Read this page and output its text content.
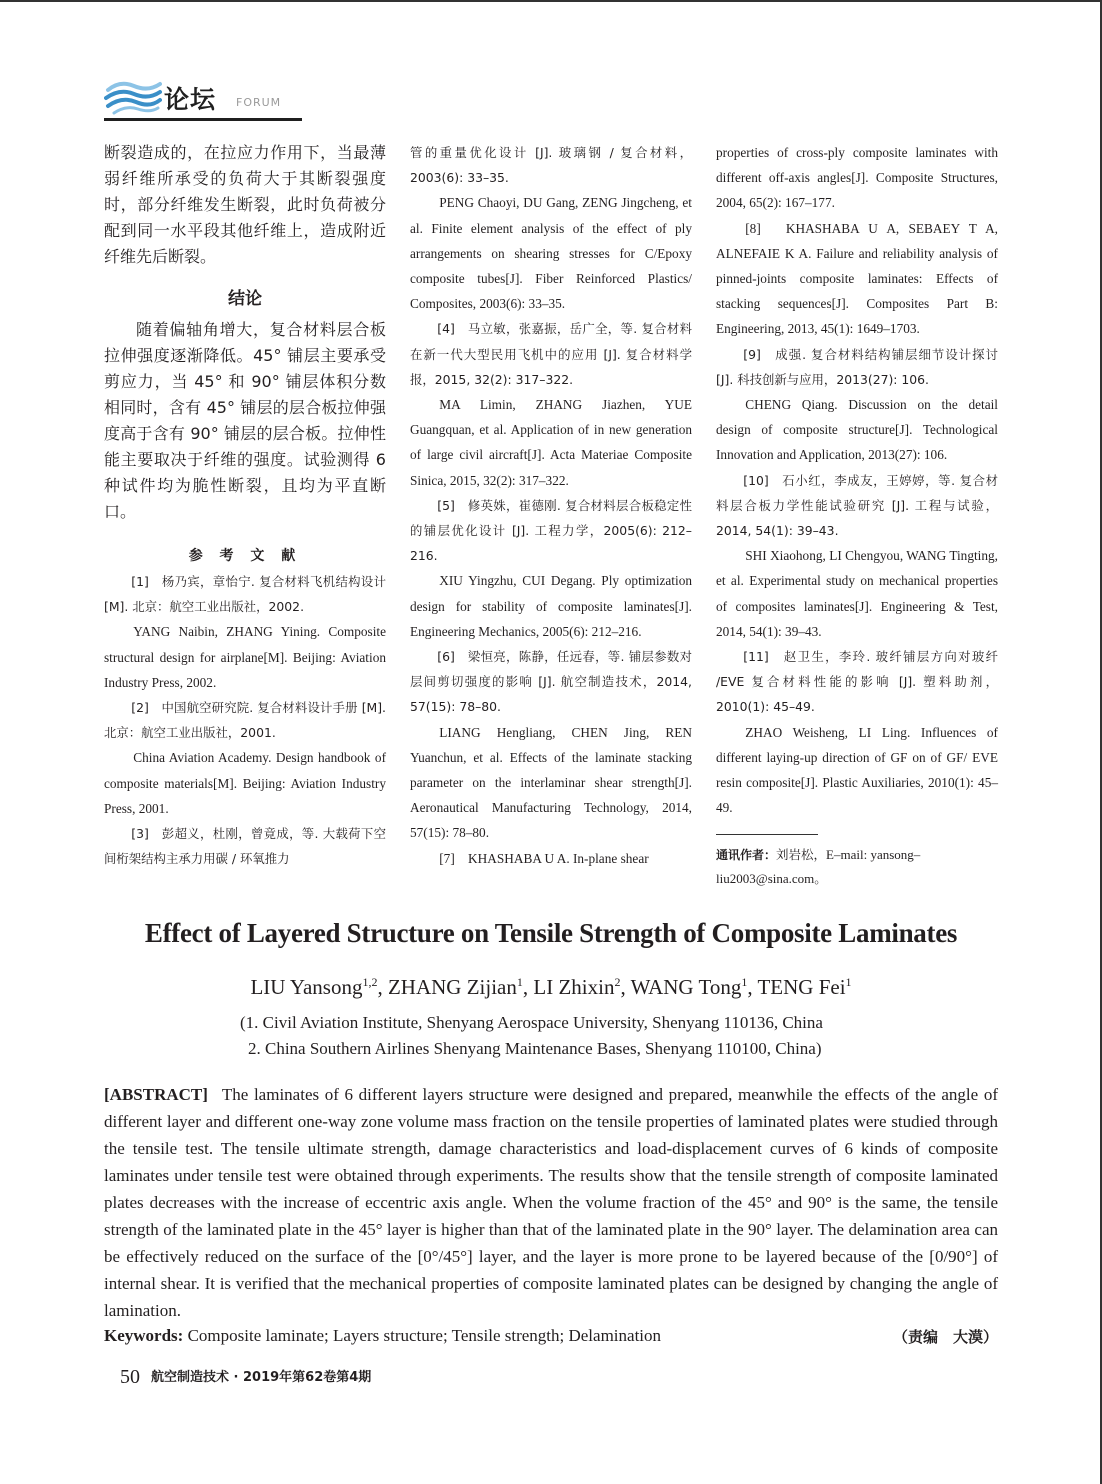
论坛 FORUM

断裂造成的，在拉应力作用下，当最薄弱纤维所承受的负荷大于其断裂强度时，部分纤维发生断裂，此时负荷被分配到同一水平段其他纤维上，造成附近纤维先后断裂。

结论

随着偏轴角增大，复合材料层合板拉伸强度逐渐降低。45° 铺层主要承受剪应力，当 45° 和 90° 铺层体积分数相同时，含有 45° 铺层的层合板拉伸强度高于含有 90° 铺层的层合板。拉伸性能主要取决于纤维的强度。试验测得 6 种试件均为脆性断裂，且均为平直断口。

参 考 文 献

[1]　杨乃宾，章怡宁. 复合材料飞机结构设计 [M]. 北京：航空工业出版社，2002.

YANG Naibin, ZHANG Yining. Composite structural design for airplane[M]. Beijing: Aviation Industry Press, 2002.

[2]　中国航空研究院. 复合材料设计手册 [M]. 北京：航空工业出版社，2001.

China Aviation Academy. Design handbook of composite materials[M]. Beijing: Aviation Industry Press, 2001.

[3]　彭超义，杜刚，曾竟成，等. 大载荷下空间桁架结构主承力用碳 / 环氧推力

管的重量优化设计 [J]. 玻璃钢 / 复合材料，2003(6): 33–35.

PENG Chaoyi, DU Gang, ZENG Jingcheng, et al. Finite element analysis of the effect of ply arrangements on shearing stresses for C/Epoxy composite tubes[J]. Fiber Reinforced Plastics/ Composites, 2003(6): 33–35.

[4]　马立敏，张嘉振，岳广全，等. 复合材料在新一代大型民用飞机中的应用 [J]. 复合材料学报，2015, 32(2): 317–322.

MA Limin, ZHANG Jiazhen, YUE Guangquan, et al. Application of in new generation of large civil aircraft[J]. Acta Materiae Composite Sinica, 2015, 32(2): 317–322.

[5]　修英姝，崔德刚. 复合材料层合板稳定性的铺层优化设计 [J]. 工程力学，2005(6): 212–216.

XIU Yingzhu, CUI Degang. Ply optimization design for stability of composite laminates[J]. Engineering Mechanics, 2005(6): 212–216.

[6]　梁恒亮，陈静，任远春，等. 铺层参数对层间剪切强度的影响 [J]. 航空制造技术，2014, 57(15): 78–80.

LIANG Hengliang, CHEN Jing, REN Yuanchun, et al. Effects of the laminate stacking parameter on the interlaminar shear strength[J]. Aeronautical Manufacturing Technology, 2014, 57(15): 78–80.

[7]　KHASHABA U A. In-plane shear

properties of cross-ply composite laminates with different off-axis angles[J]. Composite Structures, 2004, 65(2): 167–177.

[8]　KHASHABA U A, SEBAEY T A, ALNEFAIE K A. Failure and reliability analysis of pinned-joints composite laminates: Effects of stacking sequences[J]. Composites Part B: Engineering, 2013, 45(1): 1649–1703.

[9]　成强. 复合材料结构铺层细节设计探讨 [J]. 科技创新与应用，2013(27): 106.

CHENG Qiang. Discussion on the detail design of composite structure[J]. Technological Innovation and Application, 2013(27): 106.

[10]　石小红，李成友，王婷婷，等. 复合材料层合板力学性能试验研究 [J]. 工程与试验，2014, 54(1): 39–43.

SHI Xiaohong, LI Chengyou, WANG Tingting, et al. Experimental study on mechanical properties of composites laminates[J]. Engineering & Test, 2014, 54(1): 39–43.

[11]　赵卫生，李玲. 玻纤铺层方向对玻纤 /EVE 复合材料性能的影响 [J]. 塑料助剂，2010(1): 45–49.

ZHAO Weisheng, LI Ling. Influences of different laying-up direction of GF on of GF/ EVE resin composite[J]. Plastic Auxiliaries, 2010(1): 45–49.

通讯作者：刘岩松，E–mail: yansong–liu2003@sina.com。

Effect of Layered Structure on Tensile Strength of Composite Laminates
LIU Yansong$^{1,2}$, ZHANG Zijian$^1$, LI Zhixin$^2$, WANG Tong$^1$, TENG Fei$^1$
(1. Civil Aviation Institute, Shenyang Aerospace University, Shenyang 110136, China
2. China Southern Airlines Shenyang Maintenance Bases, Shenyang 110100, China)

[ABSTRACT] The laminates of 6 different layers structure were designed and prepared, meanwhile the effects of the angle of different layer and different one-way zone volume mass fraction on the tensile properties of laminated plates were studied through the tensile test. The tensile ultimate strength, damage characteristics and load-displacement curves of 6 kinds of composite laminates under tensile test were obtained through experiments. The results show that the tensile strength of composite laminated plates decreases with the increase of eccentric axis angle. When the volume fraction of the 45° and 90° is the same, the tensile strength of the laminated plate in the 45° layer is higher than that of the laminated plate in the 90° layer. The delamination area can be effectively reduced on the surface of the [0°/45°] layer, and the layer is more prone to be layered because of the [0/90°] of internal shear. It is verified that the mechanical properties of composite laminated plates can be designed by changing the angle of lamination.

Keywords: Composite laminate; Layers structure; Tensile strength; Delamination	（责编　大漠）
50 航空制造技术 · 2019年第62卷第4期
